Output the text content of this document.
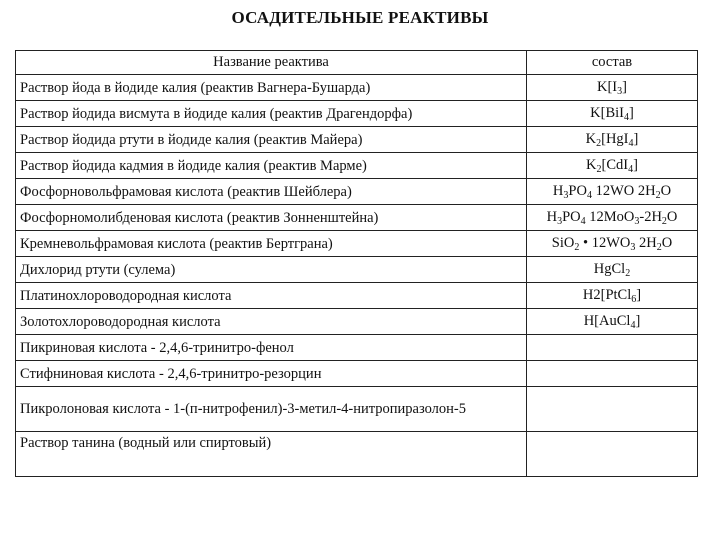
ОСАДИТЕЛЬНЫЕ РЕАКТИВЫ
Название реактива	состав
Раствор йода в йодиде калия (реактив Вагнера-Бушарда)	$K[I_3]$
Раствор йодида висмута в йодиде калия (реактив Драгендорфа)	K[BiI$_4$]
Раствор йодида ртути в йодиде калия (реактив Майера)	$K_2[HgI_4]$
Раствор йодида кадмия в йодиде калия (реактив Марме)	$K_2[CdI_4]$
Фосфорновольфрамовая кислота (реактив Шейблера)	$H_3PO_4$ 12WO $2H_2O$
Фосфорномолибденовая кислота (реактив Зонненштейна)	$H_3PO_4$ $12MoO_3-2H_2O$
Кремневольфрамовая кислота (реактив Бертграна)	SiO$_2$ • $12WO_3$ $2H_2O$
Дихлорид ртути (сулема)	HgCl$_2$
Платинохлороводородная кислота	H2[PtCl$_6$]
Золотохлороводородная кислота	H[AuCl$_4$]
Пикриновая кислота - 2,4,6-тринитро-фенол	
Стифниновая кислота - 2,4,6-тринитро-резорцин	
Пикролоновая кислота - 1-(п-нитрофенил)-3-метил-4-нитропиразолон-5	
Раствор танина (водный или спиртовый)	
